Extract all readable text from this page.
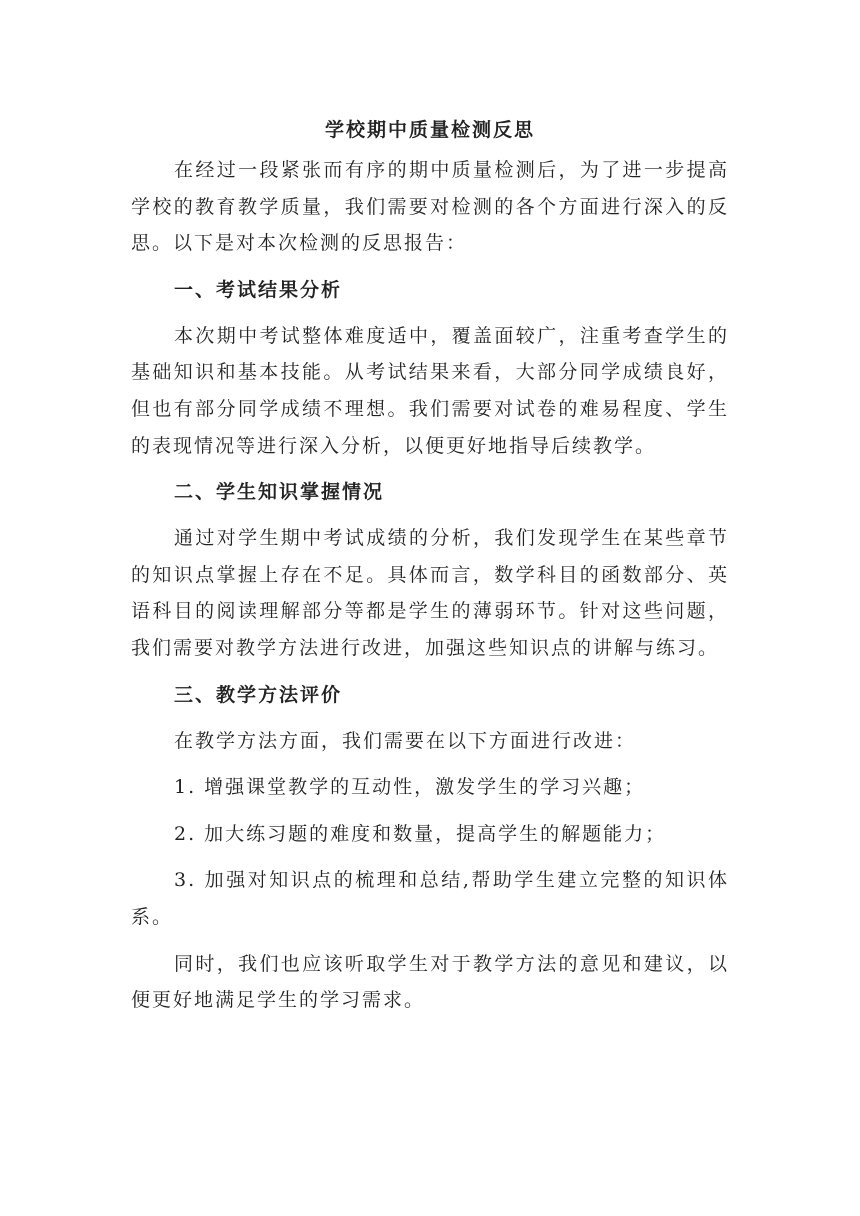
学校期中质量检测反思

在经过一段紧张而有序的期中质量检测后，为了进一步提高学校的教育教学质量，我们需要对检测的各个方面进行深入的反思。以下是对本次检测的反思报告：

一、考试结果分析

本次期中考试整体难度适中，覆盖面较广，注重考查学生的基础知识和基本技能。从考试结果来看，大部分同学成绩良好，但也有部分同学成绩不理想。我们需要对试卷的难易程度、学生的表现情况等进行深入分析，以便更好地指导后续教学。

二、学生知识掌握情况

通过对学生期中考试成绩的分析，我们发现学生在某些章节的知识点掌握上存在不足。具体而言，数学科目的函数部分、英语科目的阅读理解部分等都是学生的薄弱环节。针对这些问题，我们需要对教学方法进行改进，加强这些知识点的讲解与练习。

三、教学方法评价

在教学方法方面，我们需要在以下方面进行改进：

1. 增强课堂教学的互动性，激发学生的学习兴趣；

2. 加大练习题的难度和数量，提高学生的解题能力；

3. 加强对知识点的梳理和总结,帮助学生建立完整的知识体系。

同时，我们也应该听取学生对于教学方法的意见和建议，以便更好地满足学生的学习需求。
